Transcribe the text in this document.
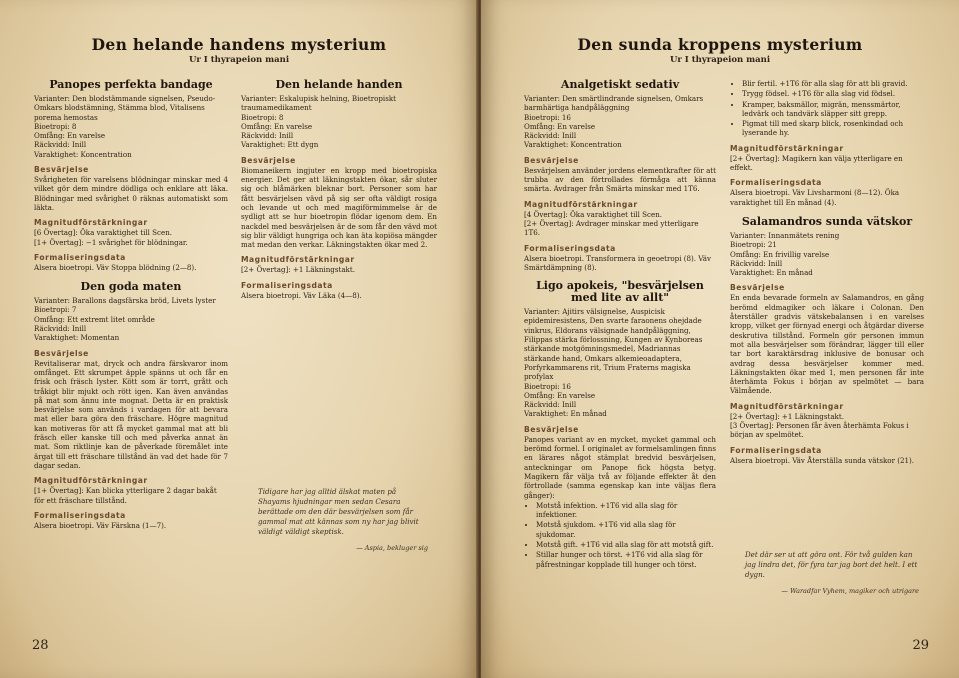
Den helande handens mysterium
Ur I thyrapeion mani
Panopes perfekta bandage

Varianter: Den blodstämmande signelsen, Pseudo-Omkars blodstämning, Stämma blod, Vitalisens porema hemostas

Bioetropi: 8

Omfång: En varelse

Räckvidd: Inill

Varaktighet: Koncentration

Besvärjelse

Svårigheten för varelsens blödningar minskar med 4 vilket gör dem mindre dödliga och enklare att läka. Blödningar med svårighet 0 räknas automatiskt som läkta.

Magnitudförstärkningar

[6 Övertag]: Öka varaktighet till Scen.

[1+ Övertag]: −1 svårighet för blödningar.

Formaliseringsdata

Alsera bioetropi. Väv Stoppa blödning (2—8).

Den goda maten

Varianter: Barallons dagsfärska bröd, Livets lyster

Bioetropi: 7

Omfång: Ett extremt litet område

Räckvidd: Inill

Varaktighet: Momentan

Besvärjelse

Revitaliserar mat, dryck och andra färskvaror inom omfånget. Ett skrumpet äpple spänns ut och får en frisk och fräsch lyster. Kött som är torrt, grått och tråkigt blir mjukt och rött igen. Kan även användas på mat som ännu inte mognat. Detta är en praktisk besvärjelse som används i vardagen för att bevara mat eller bara göra den fräschare. Högre magnitud kan motiveras för att få mycket gammal mat att bli fräsch eller kanske till och med påverka annat än mat. Som riktlinje kan de påverkade föremålet inte ärgat till ett fräschare tillstånd än vad det hade för 7 dagar sedan.

Magnitudförstärkningar

[1+ Övertag]: Kan blicka ytterligare 2 dagar bakåt för ett fräschare tillstånd.

Formaliseringsdata

Alsera bioetropi. Väv Färskna (1—7).

Den helande handen

Varianter: Eskalupisk helning, Bioetropiskt traumamedikament

Bioetropi: 8

Omfång: En varelse

Räckvidd: Inill

Varaktighet: Ett dygn

Besvärjelse

Biomaneikern ingjuter en kropp med bioetropiska energier. Det ger att läkningstakten ökar, sår sluter sig och blåmärken bleknar bort. Personer som har fått besvärjelsen vävd på sig ser ofta väldigt rosiga och levande ut och med magiförmimmelse är de sydligt att se hur bioetropin flödar igenom dem. En nackdel med besvärjelsen är de som får den vävd mot sig blir väldigt hungriga och kan äta kopiösa mängder mat medan den verkar. Läkningstakten ökar med 2.

Magnitudförstärkningar

[2+ Övertag]: +1 Läkningstakt.

Formaliseringsdata

Alsera bioetropi. Väv Läka (4—8).

Tidigare har jag alltid älskat maten på Shayams hjudningar men sedan Cesara berättade om den där besvärjelsen som får gammal mat att kännas som ny har jag blivit väldigt väldigt skeptisk.
— Aspia, bekluger sig
28
Den sunda kroppens mysterium
Ur I thyrapeion mani
Analgetiskt sedativ

Varianter: Den smärtlindrande signelsen, Omkars barmhärtiga handpåläggning

Bioetropi: 16

Omfång: En varelse

Räckvidd: Inill

Varaktighet: Koncentration

Besvärjelse

Besvärjelsen använder jordens elementkrafter för att trubba av den förtrollades förmåga att känna smärta. Avdrager från Smärta minskar med 1T6.

Magnitudförstärkningar

[4 Övertag]: Öka varaktighet till Scen.

[2+ Övertag]: Avdrager minskar med ytterligare 1T6.

Formaliseringsdata

Alsera bioetropi. Transformera in geoetropi (8). Väv Smärtdämpning (8).

Ligo apokeis, "besvärjelsen med lite av allt"

Varianter: Ajitirs välsignelse, Auspicisk epidemiresistens, Den svarte faraonens ohejdade vinkrus, Eldorans välsignade handpåläggning, Filippas stärka förlossning, Kungen av Kynboreas stärkande motgömningsmedel, Madriannas stärkande hand, Omkars alkemieoadaptera, Porfyrkammarens rit, Trium Fraterns magiska profylax

Bioetropi: 16

Omfång: En varelse

Räckvidd: Inill

Varaktighet: En månad

Besvärjelse

Panopes variant av en mycket, mycket gammal och berömd formel. I originalet av formelsamlingen finns en lärares något stämplat bredvid besvärjelsen, anteckningar om Panope fick högsta betyg. Magikern får välja två av följande effekter åt den förtrollade (samma egenskap kan inte väljas flera gånger):

• Motstå infektion. +1T6 vid alla slag för infektioner.
• Motstå sjukdom. +1T6 vid alla slag för sjukdomar.
• Motstå gift. +1T6 vid alla slag för att motstå gift.
• Stillar hunger och törst. +1T6 vid alla slag för påfrestningar kopplade till hunger och törst.
• Blir fertil. +1T6 för alla slag för att bli gravid.
• Trygg födsel. +1T6 för alla slag vid födsel.
• Kramper, baksmällor, migrän, menssmärtor, ledvärk och tandvärk släpper sitt grepp.
• Pigmat till med skarp blick, rosenkindad och lyserande hy.
Magnitudförstärkningar

[2+ Övertag]: Magikern kan välja ytterligare en effekt.

Formaliseringsdata

Alsera bioetropi. Väv Livsharmoni (8—12). Öka varaktighet till En månad (4).

Salamandros sunda vätskor

Varianter: Innanmätets rening

Bioetropi: 21

Omfång: En frivillig varelse

Räckvidd: Inill

Varaktighet: En månad

Besvärjelse

En enda bevarade formeln av Salamandros, en gång berömd eldmagiker och läkare i Colonan. Den återställer gradvis vätskebalansen i en varelses kropp, vilket ger förnyad energi och åtgärdar diverse deskrutiva tillstånd. Formeln gör personen immun mot alla besvärjelser som förändrar, lägger till eller tar bort karaktärsdrag inklusive de bonusar och avdrag dessa besvärjelser kommer med. Läkningstakten ökar med 1, men personen får inte återhämta Fokus i början av spelmötet — bara Välmående.

Magnitudförstärkningar

[2+ Övertag]: +1 Läkningstakt.

[3 Övertag]: Personen får även återhämta Fokus i början av spelmötet.

Formaliseringsdata

Alsera bioetropi. Väv Återställa sunda vätskor (21).

Det där ser ut att göra ont. För två gulden kan jag lindra det, för fyra tar jag bort det helt. I ett dygn.
— Waradfar Vyhem, magiker och utrigare
29
